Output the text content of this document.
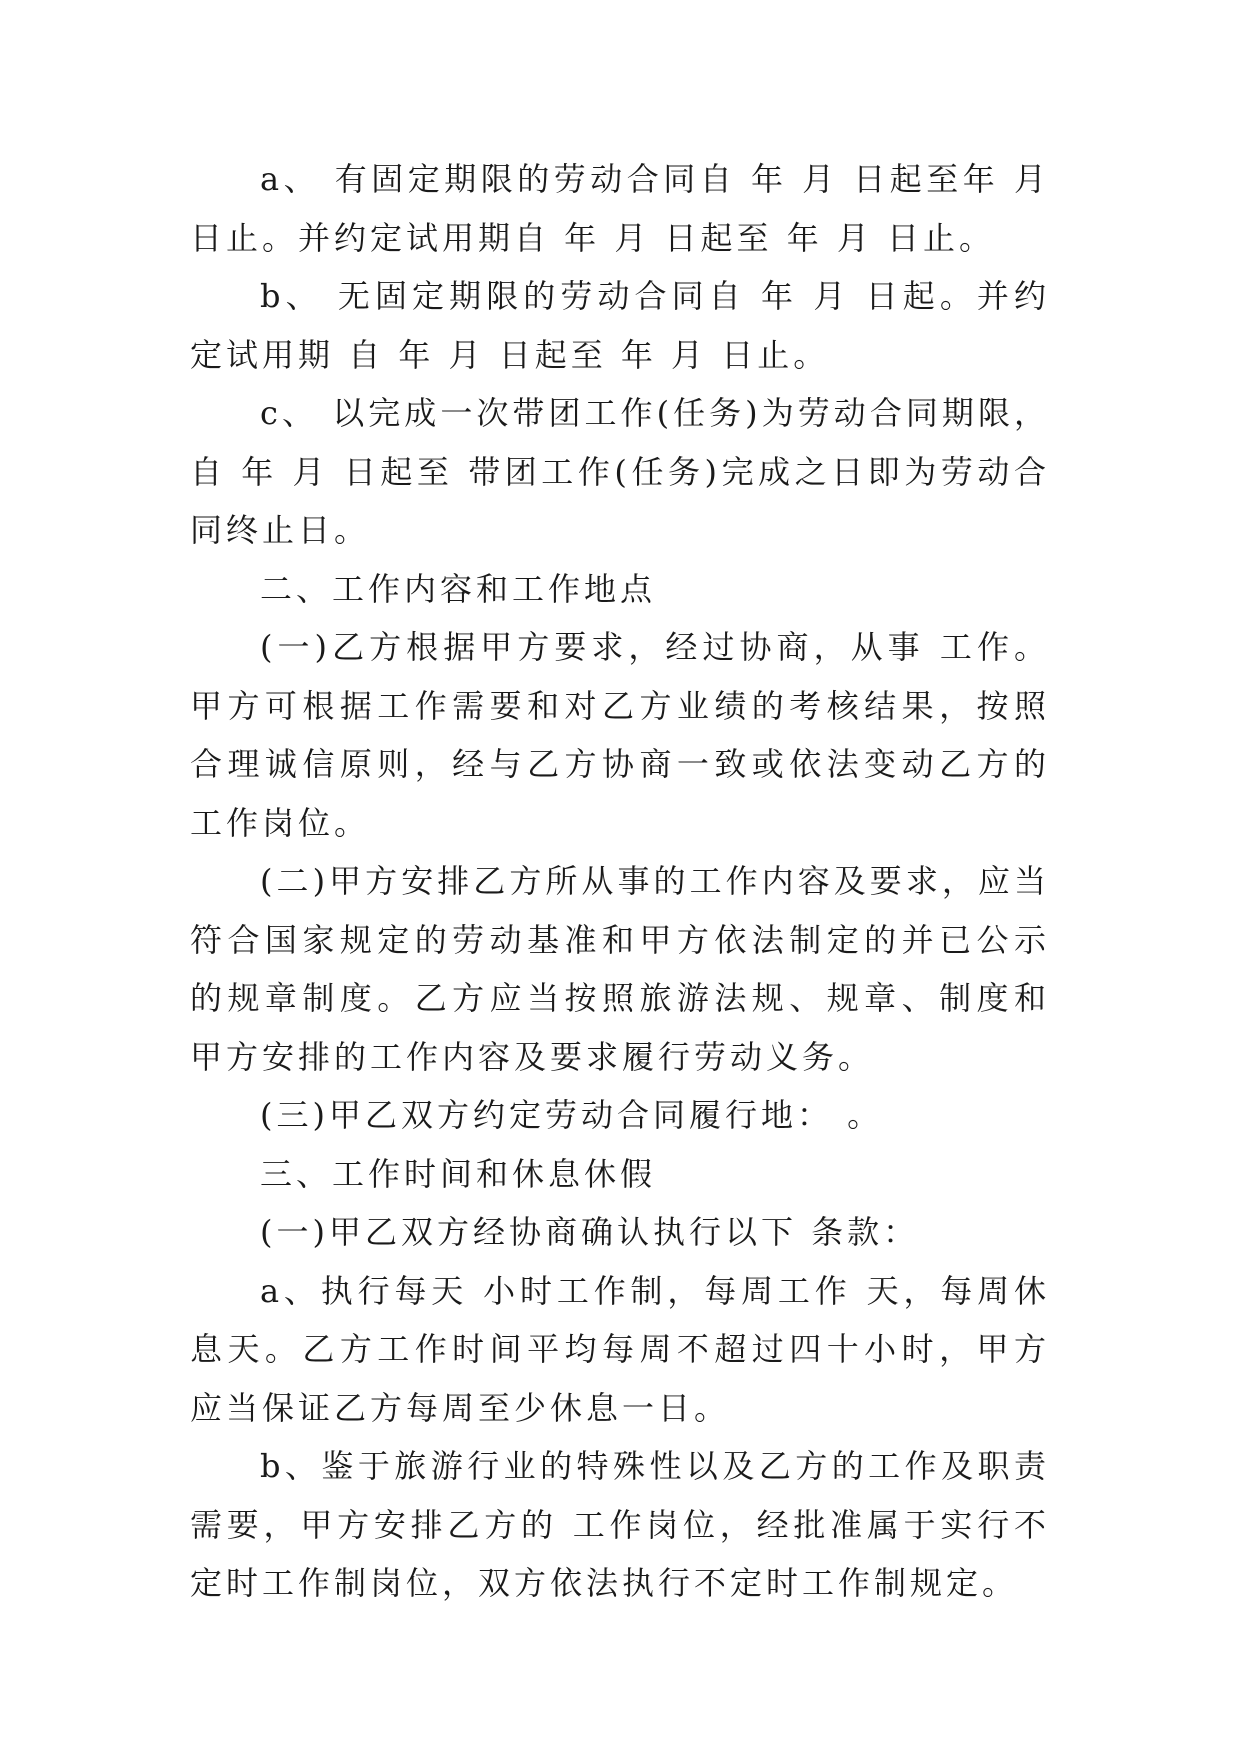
a、 有固定期限的劳动合同自 年 月 日起至年 月 日止。并约定试用期自 年 月 日起至 年 月 日止。

b、 无固定期限的劳动合同自 年 月 日起。并约定试用期 自 年 月 日起至 年 月 日止。

c、 以完成一次带团工作(任务)为劳动合同期限，自 年 月 日起至 带团工作(任务)完成之日即为劳动合同终止日。

二、工作内容和工作地点

(一)乙方根据甲方要求，经过协商，从事 工作。甲方可根据工作需要和对乙方业绩的考核结果，按照合理诚信原则，经与乙方协商一致或依法变动乙方的工作岗位。

(二)甲方安排乙方所从事的工作内容及要求，应当符合国家规定的劳动基准和甲方依法制定的并已公示的规章制度。乙方应当按照旅游法规、规章、制度和甲方安排的工作内容及要求履行劳动义务。

(三)甲乙双方约定劳动合同履行地： 。

三、工作时间和休息休假

(一)甲乙双方经协商确认执行以下 条款：

a、执行每天 小时工作制，每周工作 天，每周休息天。乙方工作时间平均每周不超过四十小时，甲方应当保证乙方每周至少休息一日。

b、鉴于旅游行业的特殊性以及乙方的工作及职责需要，甲方安排乙方的 工作岗位，经批准属于实行不定时工作制岗位，双方依法执行不定时工作制规定。
